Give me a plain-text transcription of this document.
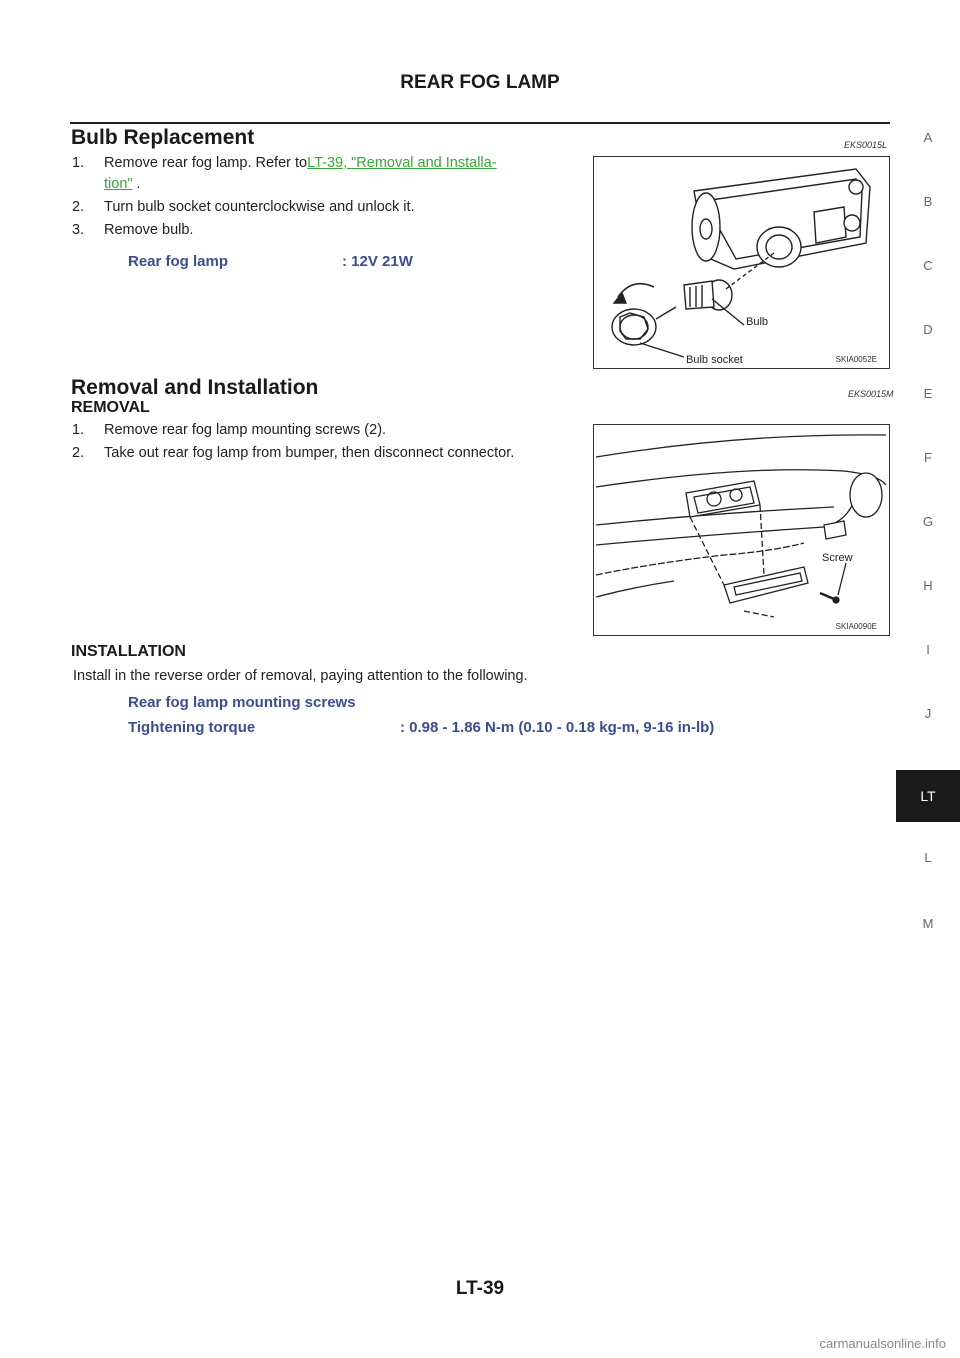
REAR FOG LAMP
Bulb Replacement	EKS0015L
1. Remove rear fog lamp. Refer toLT-39, "Removal and Installa-
tion" .
2. Turn bulb socket counterclockwise and unlock it.
3. Remove bulb.
Rear fog lamp	: 12V 21W
Bulb
Bulb socket	SKIA0052E
Removal and Installation	EKS0015M
REMOVAL
1. Remove rear fog lamp mounting screws (2).
2. Take out rear fog lamp from bumper, then disconnect connector.
Screw
SKIA0090E
INSTALLATION
Install in the reverse order of removal, paying attention to the following.
Rear fog lamp mounting screws
Tightening torque	: 0.98 - 1.86 N-m (0.10 - 0.18 kg-m, 9-16 in-lb)
A
B
C
D
E
F
G
H
I
J
LT
L
M
LT-39
carmanualsonline.info
